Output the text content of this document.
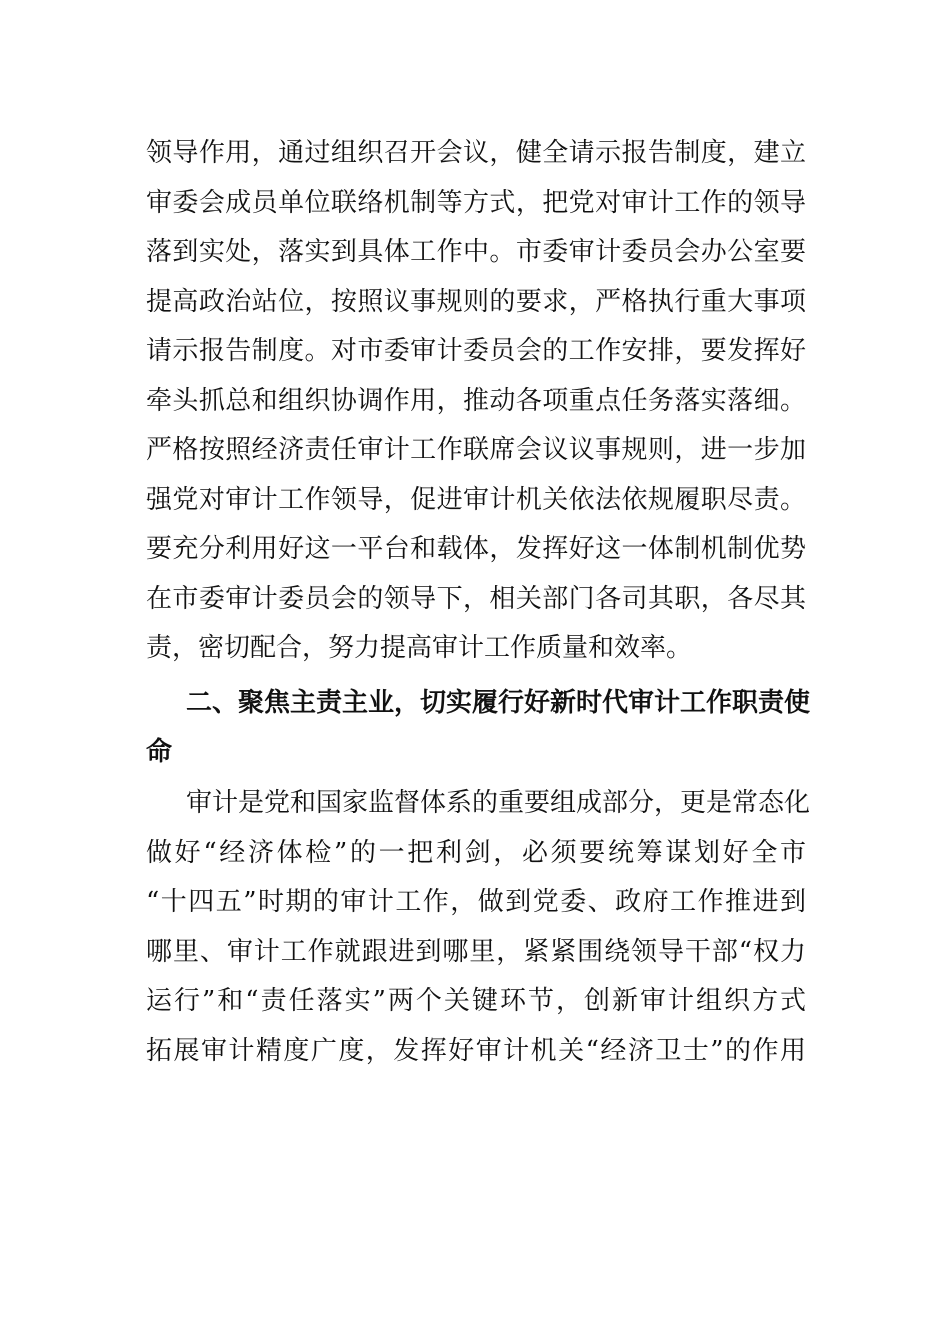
领导作用，通过组织召开会议，健全请示报告制度，建立
审委会成员单位联络机制等方式，把党对审计工作的领导
落到实处，落实到具体工作中。市委审计委员会办公室要
提高政治站位，按照议事规则的要求，严格执行重大事项
请示报告制度。对市委审计委员会的工作安排，要发挥好
牵头抓总和组织协调作用，推动各项重点任务落实落细。
严格按照经济责任审计工作联席会议议事规则，进一步加
强党对审计工作领导，促进审计机关依法依规履职尽责。
要充分利用好这一平台和载体，发挥好这一体制机制优势
在市委审计委员会的领导下，相关部门各司其职，各尽其
责，密切配合，努力提高审计工作质量和效率。
二、聚焦主责主业，切实履行好新时代审计工作职责使
命
审计是党和国家监督体系的重要组成部分，更是常态化
做好“经济体检”的一把利剑，必须要统筹谋划好全市
“十四五”时期的审计工作，做到党委、政府工作推进到
哪里、审计工作就跟进到哪里，紧紧围绕领导干部“权力
运行”和“责任落实”两个关键环节，创新审计组织方式
拓展审计精度广度，发挥好审计机关“经济卫士”的作用
